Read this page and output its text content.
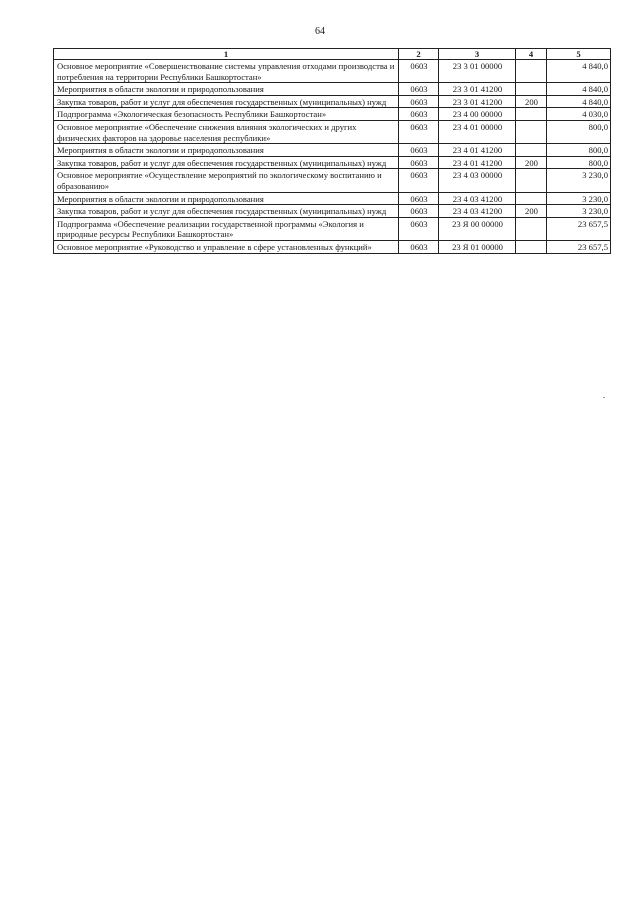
64
1	2	3	4	5
Основное мероприятие «Совершенствование системы управления отходами производства и потребления на территории Республики Башкортостан»	0603	23 3 01 00000		4 840,0
Мероприятия в области экологии и природопользования	0603	23 3 01 41200		4 840,0
Закупка товаров, работ и услуг для обеспечения государственных (муниципальных) нужд	0603	23 3 01 41200	200	4 840,0
Подпрограмма «Экологическая безопасность Республики Башкортостан»	0603	23 4 00 00000		4 030,0
Основное мероприятие «Обеспечение снижения влияния экологических и других физических факторов на здоровье населения республики»	0603	23 4 01 00000		800,0
Мероприятия в области экологии и природопользования	0603	23 4 01 41200		800,0
Закупка товаров, работ и услуг для обеспечения государственных (муниципальных) нужд	0603	23 4 01 41200	200	800,0
Основное мероприятие «Осуществление мероприятий по экологическому воспитанию и образованию»	0603	23 4 03 00000		3 230,0
Мероприятия в области экологии и природопользования	0603	23 4 03 41200		3 230,0
Закупка товаров, работ и услуг для обеспечения государственных (муниципальных) нужд	0603	23 4 03 41200	200	3 230,0
Подпрограмма «Обеспечение реализации государственной программы «Экология и природные ресурсы Республики Башкортостан»	0603	23 Я 00 00000		23 657,5
Основное мероприятие «Руководство и управление в сфере установленных функций»	0603	23 Я 01 00000		23 657,5
